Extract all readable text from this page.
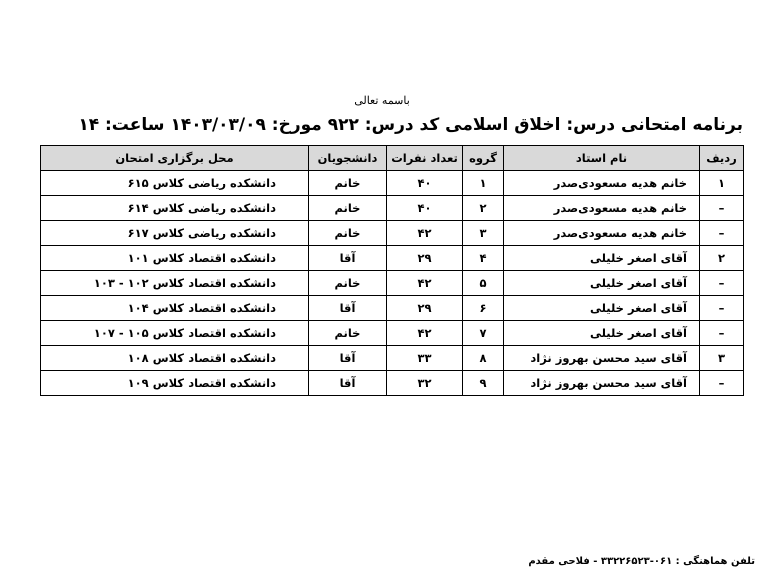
باسمه تعالی
برنامه امتحانی درس: اخلاق اسلامی کد درس: ۹۲۲ مورخ: ۱۴۰۳/۰۳/۰۹ ساعت: ۱۴
ردیف	نام استاد	گروه	تعداد نفرات	دانشجویان	محل برگزاری امتحان
۱	خانم هدیه مسعودی‌صدر	۱	۴۰	خانم	دانشکده ریاضی
کلاس ۶۱۵

–	خانم هدیه مسعودی‌صدر	۲	۴۰	خانم	دانشکده ریاضی
کلاس ۶۱۴

–	خانم هدیه مسعودی‌صدر	۳	۴۲	خانم	دانشکده ریاضی
کلاس ۶۱۷

۲	آقای اصغر خلیلی	۴	۲۹	آقا	دانشکده اقتصاد
کلاس ۱۰۱

–	آقای اصغر خلیلی	۵	۴۲	خانم	دانشکده اقتصاد
کلاس ۱۰۲ - ۱۰۳

–	آقای اصغر خلیلی	۶	۲۹	آقا	دانشکده اقتصاد
کلاس ۱۰۴

–	آقای اصغر خلیلی	۷	۴۲	خانم	دانشکده اقتصاد
کلاس ۱۰۵ - ۱۰۷

۳	آقای سید محسن بهروز نژاد	۸	۳۳	آقا	دانشکده اقتصاد
کلاس ۱۰۸

–	آقای سید محسن بهروز نژاد	۹	۳۲	آقا	دانشکده اقتصاد
کلاس ۱۰۹
تلفن هماهنگی : ۰۶۱-۳۳۲۲۶۵۲۳ - فلاحی مقدم
